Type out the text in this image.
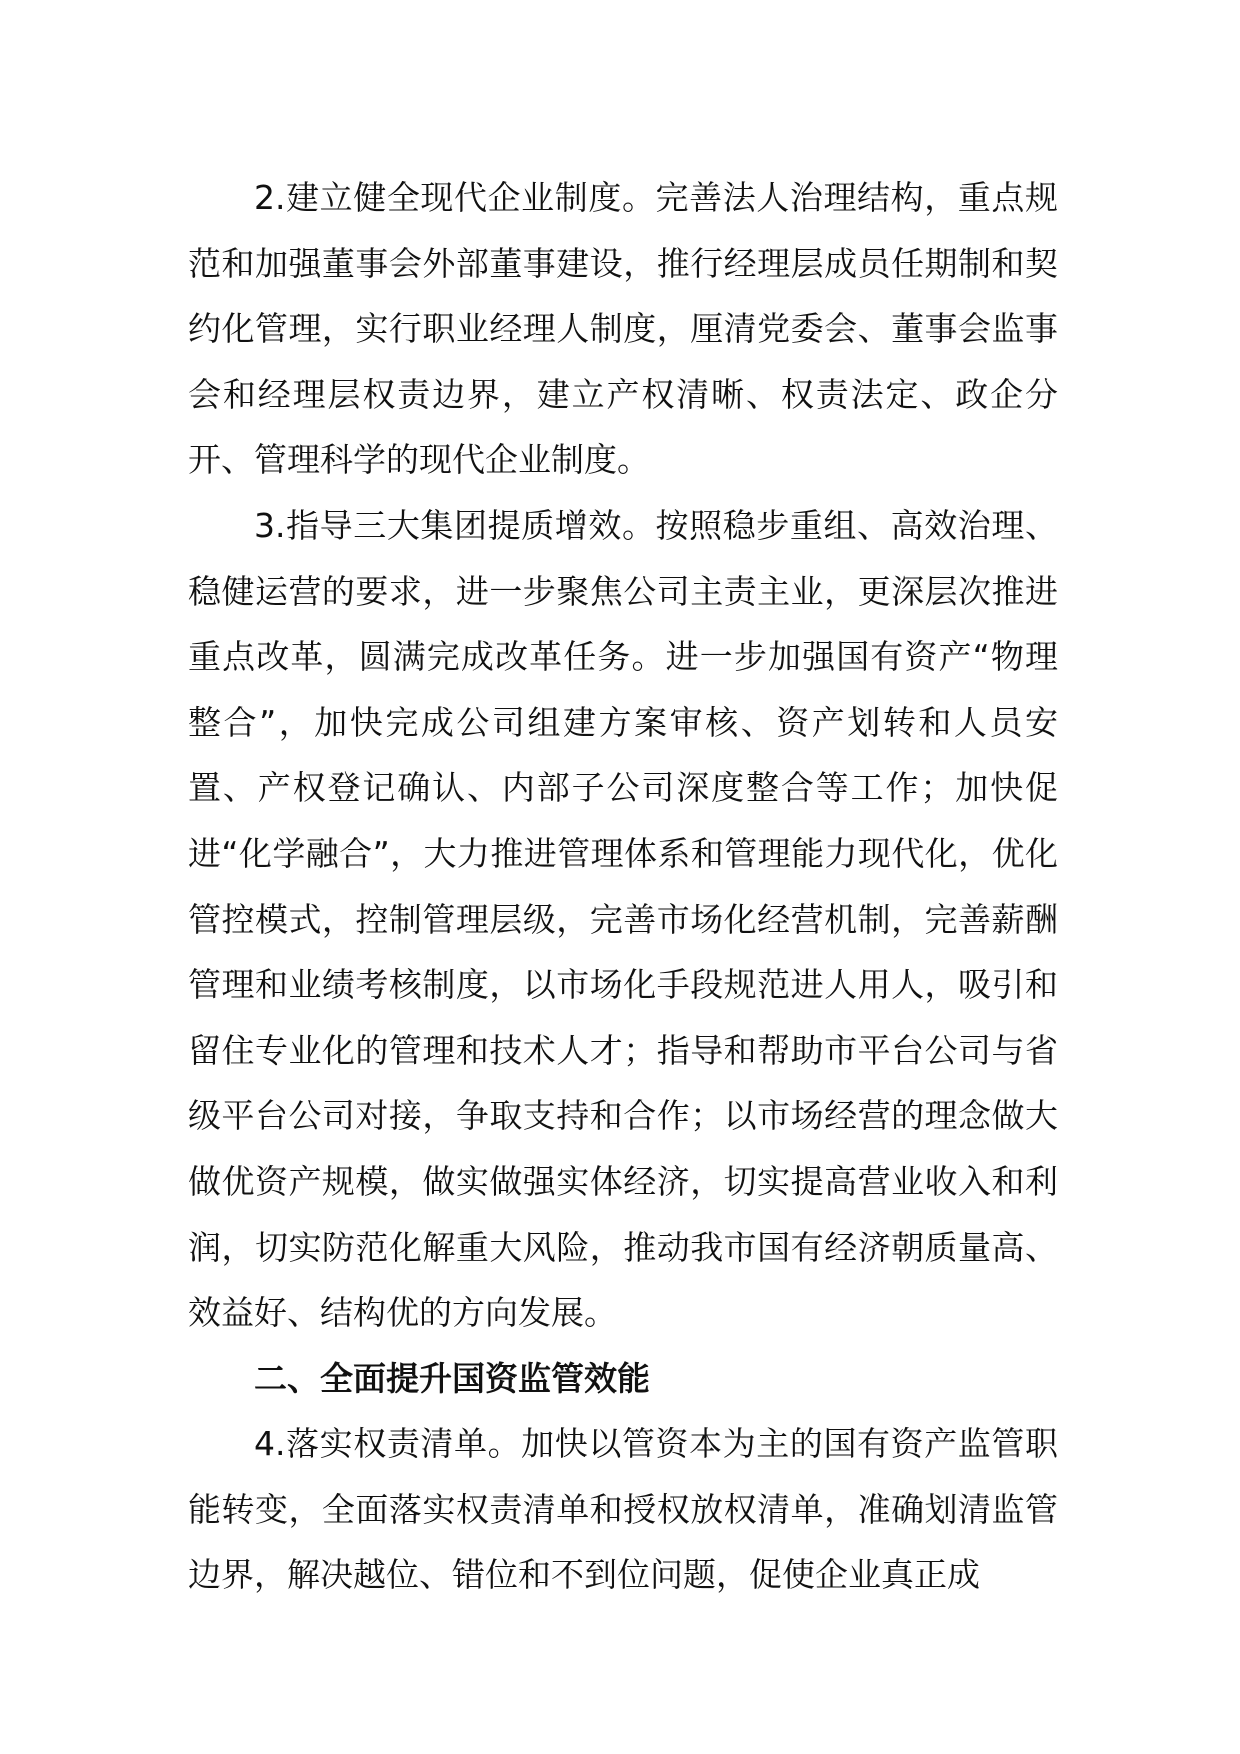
2.建立健全现代企业制度。完善法人治理结构，重点规范和加强董事会外部董事建设，推行经理层成员任期制和契约化管理，实行职业经理人制度，厘清党委会、董事会监事会和经理层权责边界，建立产权清晰、权责法定、政企分开、管理科学的现代企业制度。

3.指导三大集团提质增效。按照稳步重组、高效治理、稳健运营的要求，进一步聚焦公司主责主业，更深层次推进重点改革，圆满完成改革任务。进一步加强国有资产“物理整合”，加快完成公司组建方案审核、资产划转和人员安置、产权登记确认、内部子公司深度整合等工作；加快促进“化学融合”，大力推进管理体系和管理能力现代化，优化管控模式，控制管理层级，完善市场化经营机制，完善薪酬管理和业绩考核制度，以市场化手段规范进人用人，吸引和留住专业化的管理和技术人才；指导和帮助市平台公司与省级平台公司对接，争取支持和合作；以市场经营的理念做大做优资产规模，做实做强实体经济，切实提高营业收入和利润，切实防范化解重大风险，推动我市国有经济朝质量高、效益好、结构优的方向发展。

二、全面提升国资监管效能

4.落实权责清单。加快以管资本为主的国有资产监管职能转变，全面落实权责清单和授权放权清单，准确划清监管边界，解决越位、错位和不到位问题，促使企业真正成
